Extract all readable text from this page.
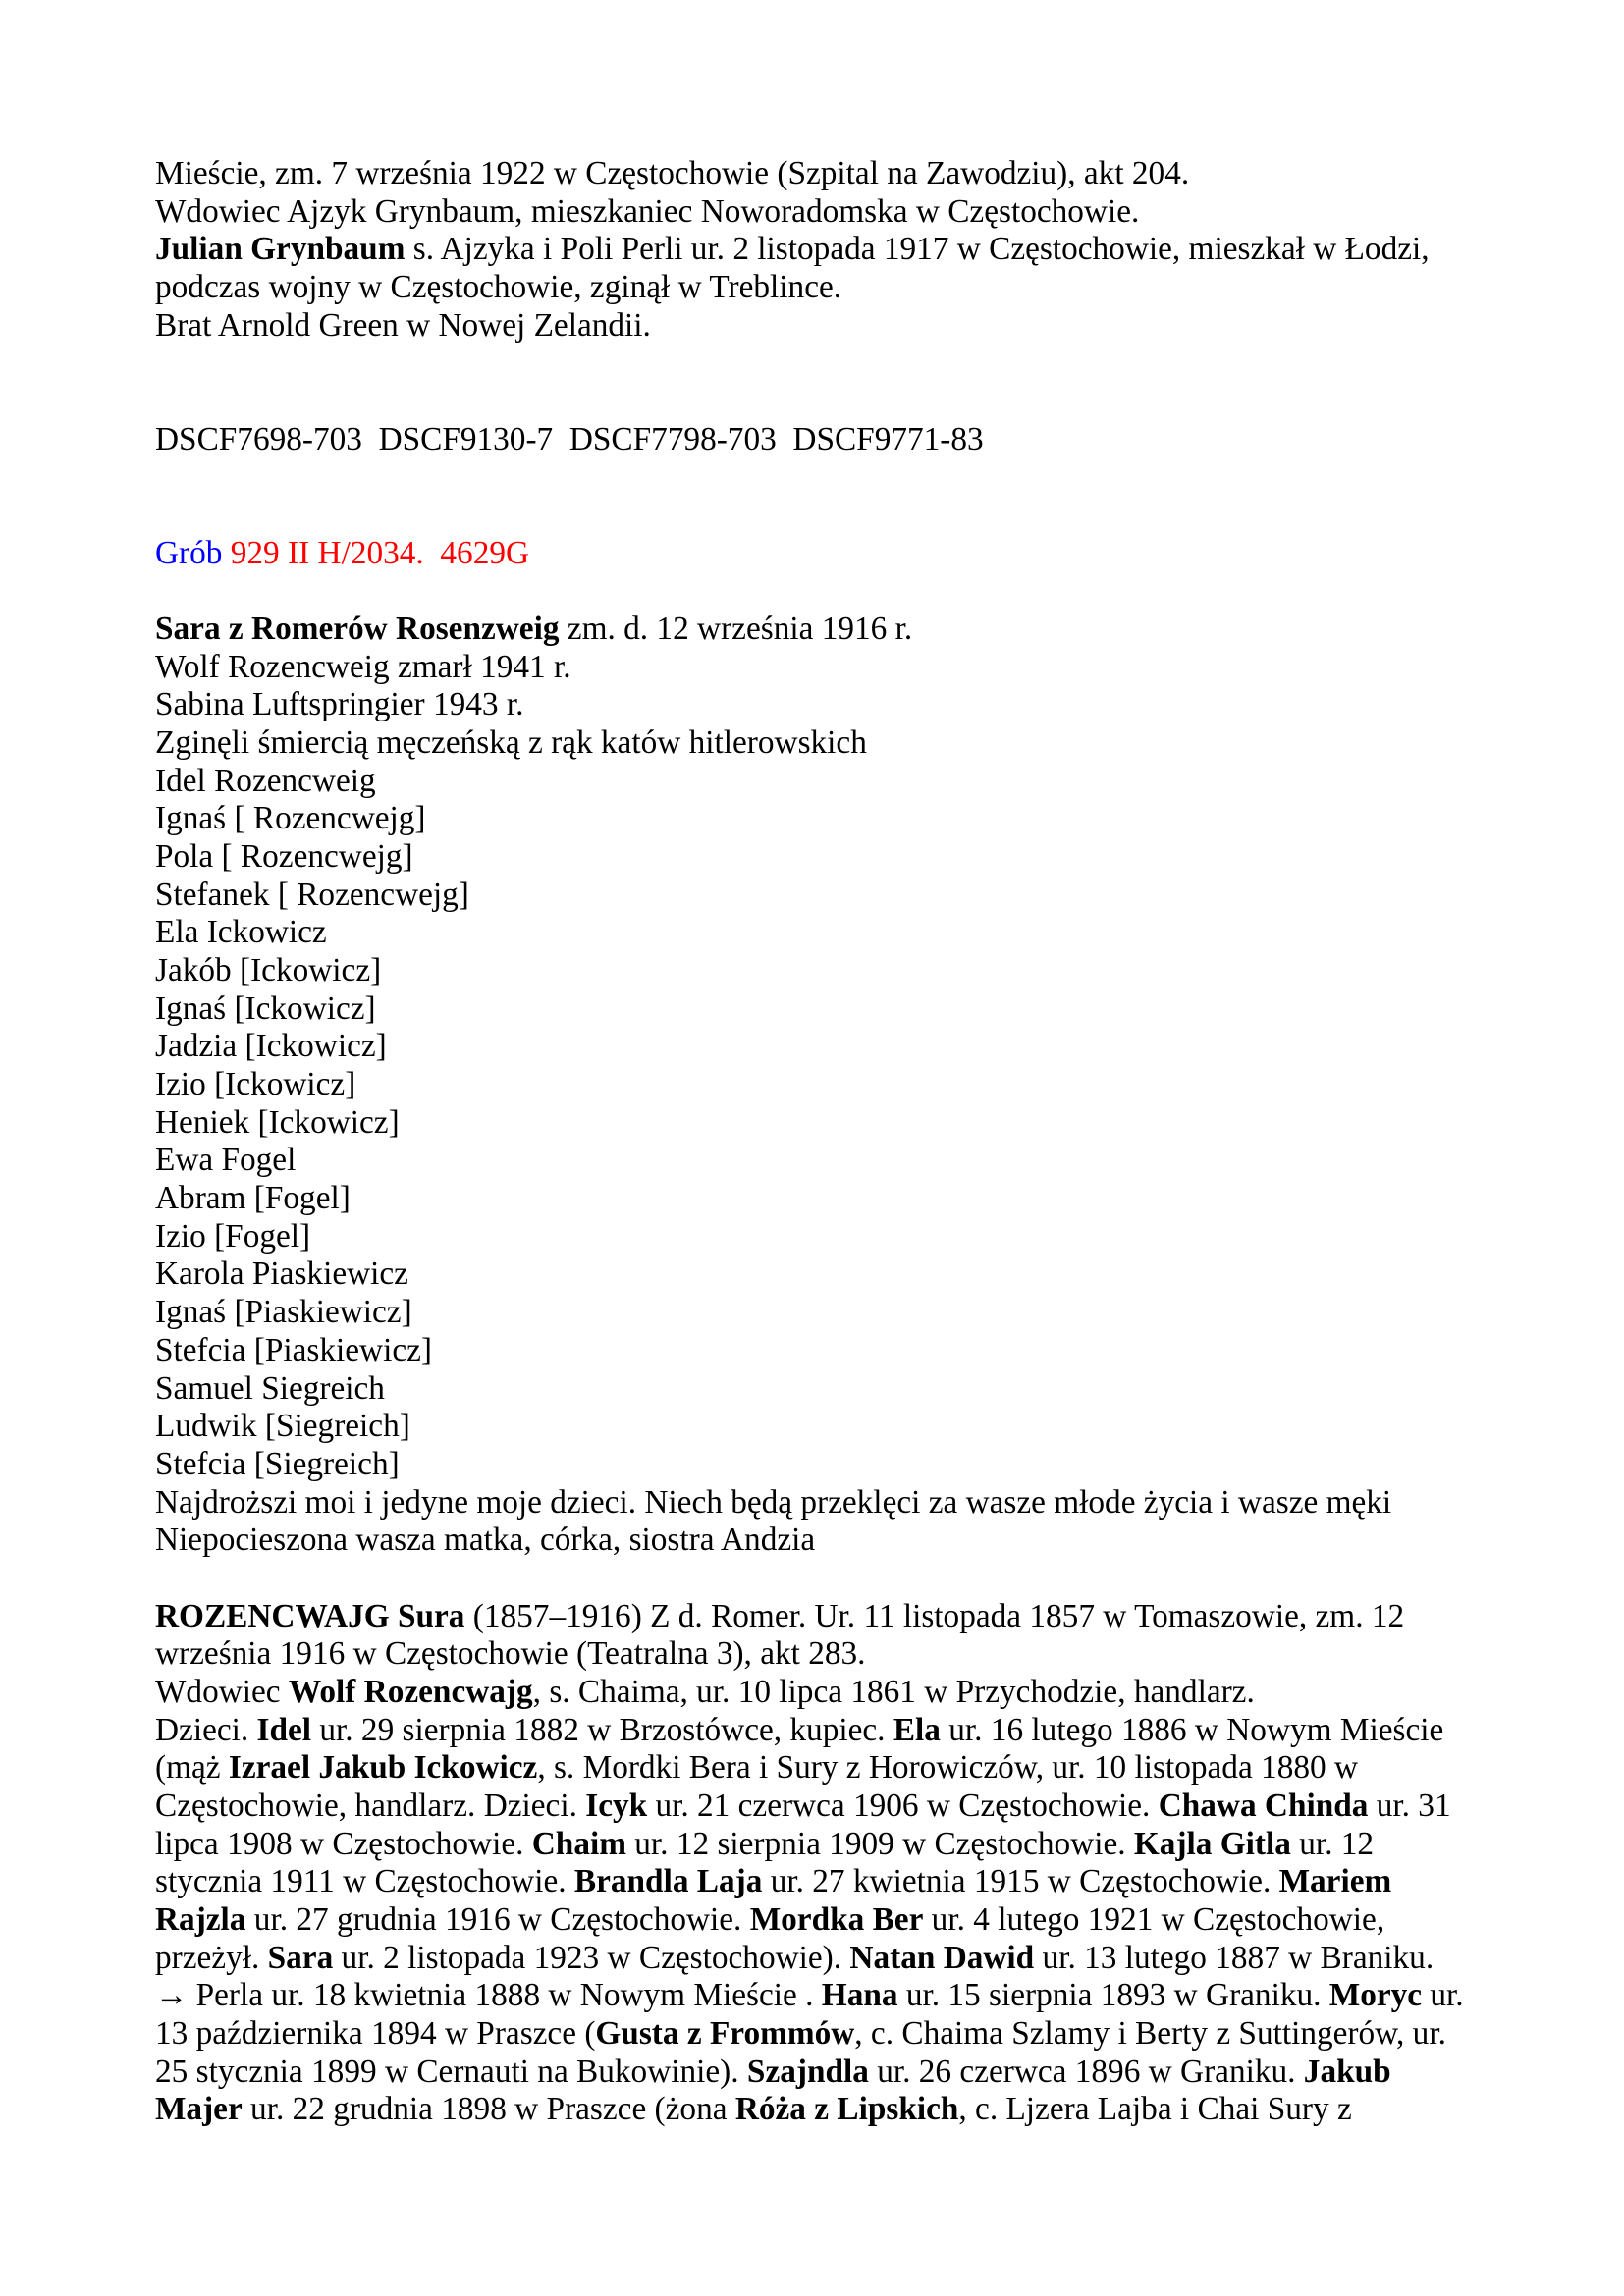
Mieście, zm. 7 września 1922 w Częstochowie (Szpital na Zawodziu), akt 204.
Wdowiec Ajzyk Grynbaum, mieszkaniec Noworadomska w Częstochowie.
Julian Grynbaum s. Ajzyka i Poli Perli ur. 2 listopada 1917 w Częstochowie, mieszkał w Łodzi,
podczas wojny w Częstochowie, zginął w Treblince.
Brat Arnold Green w Nowej Zelandii.
DSCF7698-703  DSCF9130-7  DSCF7798-703  DSCF9771-83
Grób 929 II H/2034.  4629G
Sara z Romerów Rosenzweig zm. d. 12 września 1916 r.
Wolf Rozencweig zmarł 1941 r.
Sabina Luftspringier 1943 r.
Zginęli śmiercią męczeńską z rąk katów hitlerowskich
Idel Rozencweig
Ignaś [ Rozencwejg]
Pola [ Rozencwejg]
Stefanek [ Rozencwejg]
Ela Ickowicz
Jakób [Ickowicz]
Ignaś [Ickowicz]
Jadzia [Ickowicz]
Izio [Ickowicz]
Heniek [Ickowicz]
Ewa Fogel
Abram [Fogel]
Izio [Fogel]
Karola Piaskiewicz
Ignaś [Piaskiewicz]
Stefcia [Piaskiewicz]
Samuel Siegreich
Ludwik [Siegreich]
Stefcia [Siegreich]
Najdroższi moi i jedyne moje dzieci. Niech będą przeklęci za wasze młode życia i wasze męki
Niepocieszona wasza matka, córka, siostra Andzia
ROZENCWAJG Sura (1857–1916) Z d. Romer. Ur. 11 listopada 1857 w Tomaszowie, zm. 12
września 1916 w Częstochowie (Teatralna 3), akt 283.
Wdowiec Wolf Rozencwajg , s. Chaima, ur. 10 lipca 1861 w Przychodzie, handlarz.
Dzieci. Idel ur. 29 sierpnia 1882 w Brzostówce, kupiec. Ela ur. 16 lutego 1886 w Nowym Mieście
(mąż Izrael Jakub Ickowicz , s. Mordki Bera i Sury z Horowiczów, ur. 10 listopada 1880 w
Częstochowie, handlarz. Dzieci. Icyk ur. 21 czerwca 1906 w Częstochowie. Chawa Chinda ur. 31
lipca 1908 w Częstochowie. Chaim ur. 12 sierpnia 1909 w Częstochowie. Kajla Gitla ur. 12
stycznia 1911 w Częstochowie. Brandla Laja ur. 27 kwietnia 1915 w Częstochowie. Mariem
Rajzla ur. 27 grudnia 1916 w Częstochowie. Mordka Ber ur. 4 lutego 1921 w Częstochowie,
przeżył. Sara ur. 2 listopada 1923 w Częstochowie). Natan Dawid ur. 13 lutego 1887 w Braniku.
→ Perla ur. 18 kwietnia 1888 w Nowym Mieście . Hana ur. 15 sierpnia 1893 w Graniku. Moryc ur.
13 października 1894 w Praszce ( Gusta z Frommów , c. Chaima Szlamy i Berty z Suttingerów, ur.
25 stycznia 1899 w Cernauti na Bukowinie). Szajndla ur. 26 czerwca 1896 w Graniku. Jakub
Majer ur. 22 grudnia 1898 w Praszce (żona Róża z Lipskich , c. Ljzera Lajba i Chai Sury z
